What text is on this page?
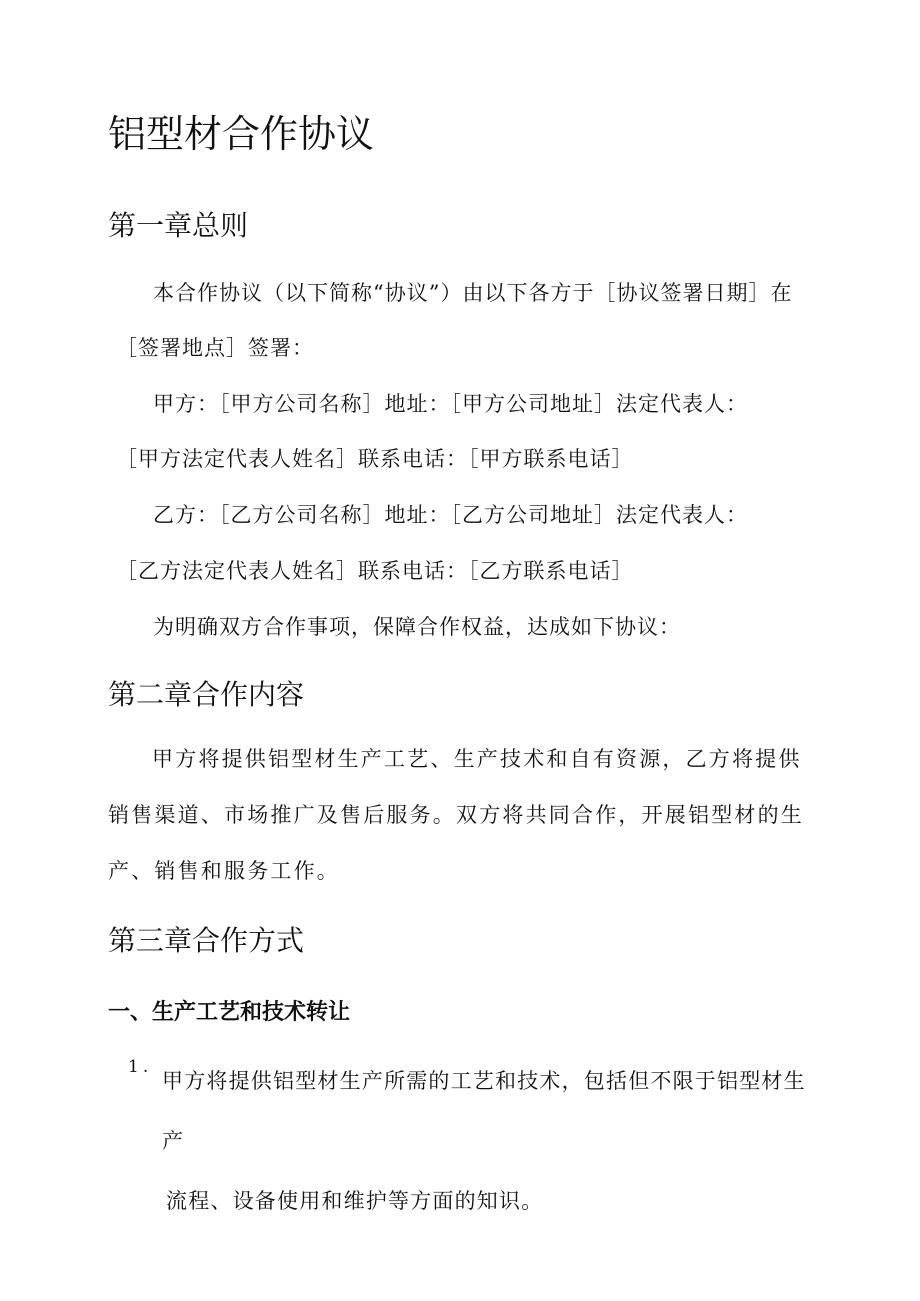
铝型材合作协议
第一章总则

本合作协议（以下简称“协议”）由以下各方于［协议签署日期］在

［签署地点］签署：

甲方：［甲方公司名称］地址：［甲方公司地址］法定代表人：

［甲方法定代表人姓名］联系电话：［甲方联系电话］

乙方：［乙方公司名称］地址：［乙方公司地址］法定代表人：

［乙方法定代表人姓名］联系电话：［乙方联系电话］

为明确双方合作事项，保障合作权益，达成如下协议：

第二章合作内容

甲方将提供铝型材生产工艺、生产技术和自有资源，乙方将提供销售渠道、市场推广及售后服务。双方将共同合作，开展铝型材的生产、销售和服务工作。

第三章合作方式
一、生产工艺和技术转让
1.

甲方将提供铝型材生产所需的工艺和技术，包括但不限于铝型材生产
流程、设备使用和维护等方面的知识。
